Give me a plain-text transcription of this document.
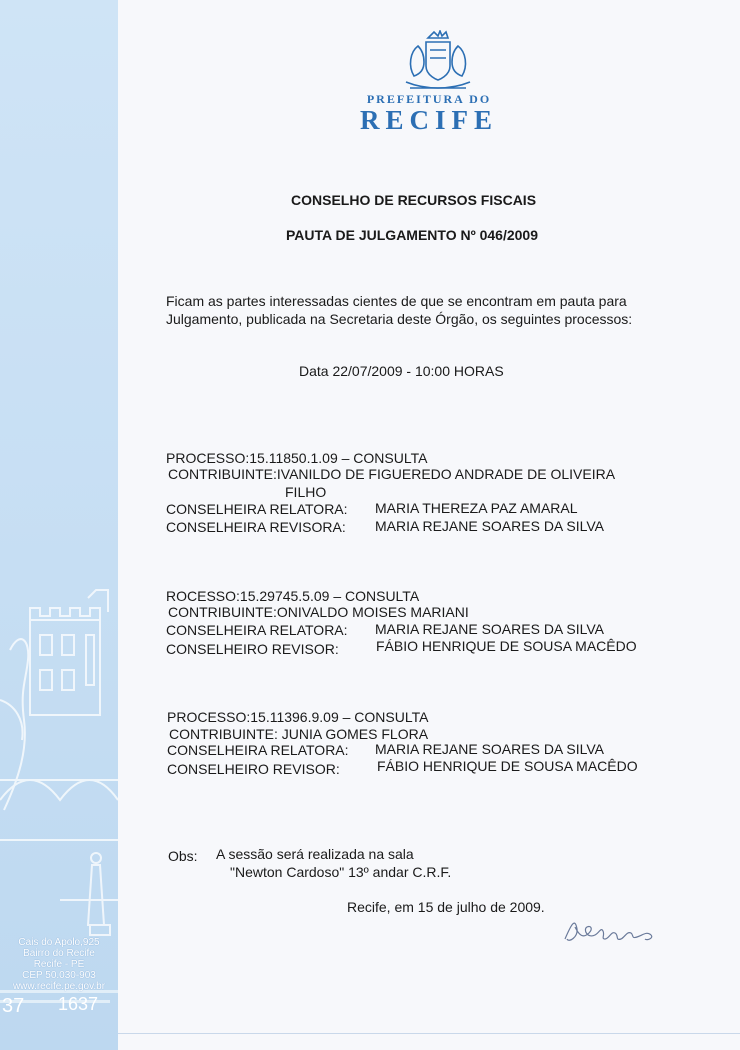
37 1637
Cais do Apolo,925
Bairro do Recife
Recife - PE
CEP 50.030-903
www.recife.pe.gov.br
PREFEITURA DO
RECIFE
CONSELHO DE RECURSOS FISCAIS
PAUTA DE JULGAMENTO Nº 046/2009
Ficam as partes interessadas cientes de que se encontram em pauta para
Julgamento, publicada na Secretaria deste Órgão, os seguintes processos:
Data 22/07/2009 - 10:00 HORAS
PROCESSO:15.11850.1.09 – CONSULTA
CONTRIBUINTE:IVANILDO DE FIGUEREDO ANDRADE DE OLIVEIRA
FILHO
CONSELHEIRA RELATORA: MARIA THEREZA PAZ AMARAL
CONSELHEIRA REVISORA: MARIA REJANE SOARES DA SILVA
ROCESSO:15.29745.5.09 – CONSULTA
CONTRIBUINTE:ONIVALDO MOISES MARIANI
CONSELHEIRA RELATORA: MARIA REJANE SOARES DA SILVA
CONSELHEIRO REVISOR:	FÁBIO HENRIQUE DE SOUSA MACÊDO
PROCESSO:15.11396.9.09 – CONSULTA
CONTRIBUINTE: JUNIA GOMES FLORA
CONSELHEIRA RELATORA: MARIA REJANE SOARES DA SILVA
CONSELHEIRO REVISOR:	FÁBIO HENRIQUE DE SOUSA MACÊDO
Obs: A sessão será realizada na sala
"Newton Cardoso" 13º andar C.R.F.
Recife, em 15 de julho de 2009.
